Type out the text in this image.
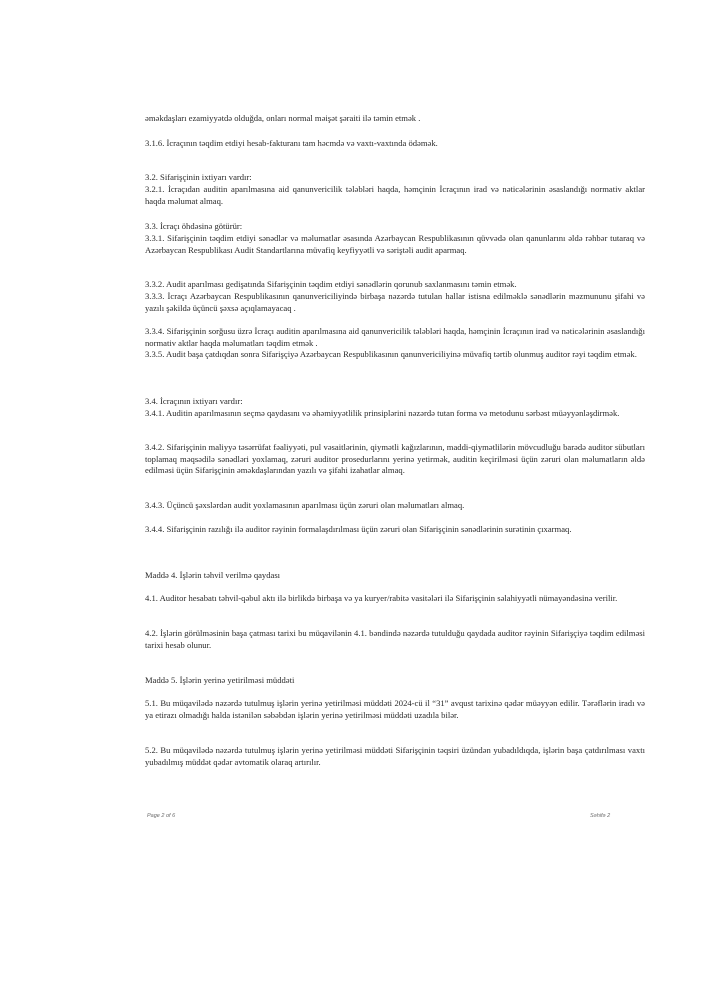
əməkdaşları ezamiyyətdə olduğda, onları normal məişət şəraiti ilə təmin etmək .

3.1.6. İcraçının təqdim etdiyi hesab-fakturanı tam həcmdə və vaxtı-vaxtında ödəmək.

3.2. Sifarişçinin ixtiyarı vardır:

3.2.1. İcraçıdan auditin aparılmasına aid qanunvericilik tələbləri haqda, həmçinin İcraçının irad və nəticələrinin əsaslandığı normativ aktlar haqda məlumat almaq.

3.3. İcraçı öhdəsinə götürür:

3.3.1. Sifarişçinin təqdim etdiyi sənədlər və məlumatlar əsasında Azərbaycan Respublikasının qüvvədə olan qanunlarını əldə rəhbər tutaraq və Azərbaycan Respublikası Audit Standartlarına müvafiq keyfiyyətli və səriştəli audit aparmaq.

3.3.2. Audit aparılması gedişatında Sifarişçinin təqdim etdiyi sənədlərin qorunub saxlanmasını təmin etmək.

3.3.3. İcraçı Azərbaycan Respublikasının qanunvericiliyində birbaşa nəzərdə tutulan hallar istisna edilməklə sənədlərin məzmununu şifahi və yazılı şəkildə üçüncü şəxsə açıqlamayacaq .

3.3.4. Sifarişçinin sorğusu üzrə İcraçı auditin aparılmasına aid qanunvericilik tələbləri haqda, həmçinin İcraçının irad və nəticələrinin əsaslandığı normativ aktlar haqda məlumatları təqdim etmək .

3.3.5. Audit başa çatdıqdan sonra Sifarişçiyə Azərbaycan Respublikasının qanunvericiliyinə müvafiq tərtib olunmuş auditor rəyi təqdim etmək.

3.4. İcraçının ixtiyarı vardır:

3.4.1. Auditin aparılmasının seçmə qaydasını və əhəmiyyətlilik prinsiplərini nəzərdə tutan forma və metodunu sərbəst müəyyənləşdirmək.

3.4.2. Sifarişçinin maliyyə təsərrüfat fəaliyyəti, pul vəsaitlərinin, qiymətli kağızlarının, maddi-qiymətlilərin mövcudluğu barədə auditor sübutları toplamaq məqsədilə sənədləri yoxlamaq, zəruri auditor prosedurlarını yerinə yetirmək, auditin keçirilməsi üçün zəruri olan məlumatların əldə edilməsi üçün Sifarişçinin əməkdaşlarından yazılı və şifahi izahatlar almaq.

3.4.3. Üçüncü şəxslərdən audit yoxlamasının aparılması üçün zəruri olan məlumatları almaq.

3.4.4. Sifarişçinin razılığı ilə auditor rəyinin formalaşdırılması üçün zəruri olan Sifarişçinin sənədlərinin surətinin çıxarmaq.

Maddə 4. İşlərin təhvil verilmə qaydası

4.1. Auditor hesabatı təhvil-qəbul aktı ilə birlikdə birbaşa və ya kuryer/rabitə vasitələri ilə Sifarişçinin səlahiyyətli nümayəndəsinə verilir.

4.2. İşlərin görülməsinin başa çatması tarixi bu müqavilənin 4.1. bəndində nəzərdə tutulduğu qaydada auditor rəyinin Sifarişçiyə təqdim edilməsi tarixi hesab olunur.

Maddə 5. İşlərin yerinə yetirilməsi müddəti

5.1. Bu müqavilədə nəzərdə tutulmuş işlərin yerinə yetirilməsi müddəti 2024-cü il “31” avqust tarixinə qədər müəyyən edilir. Tərəflərin iradı və ya etirazı olmadığı halda istənilən səbəbdən işlərin yerinə yetirilməsi müddəti uzadıla bilər.

5.2. Bu müqavilədə nəzərdə tutulmuş işlərin yerinə yetirilməsi müddəti Sifarişçinin təqsiri üzündən yubadıldıqda, işlərin başa çatdırılması vaxtı yubadılmış müddət qədər avtomatik olaraq artırılır.

Page 2 of 6	Səhifə 2
